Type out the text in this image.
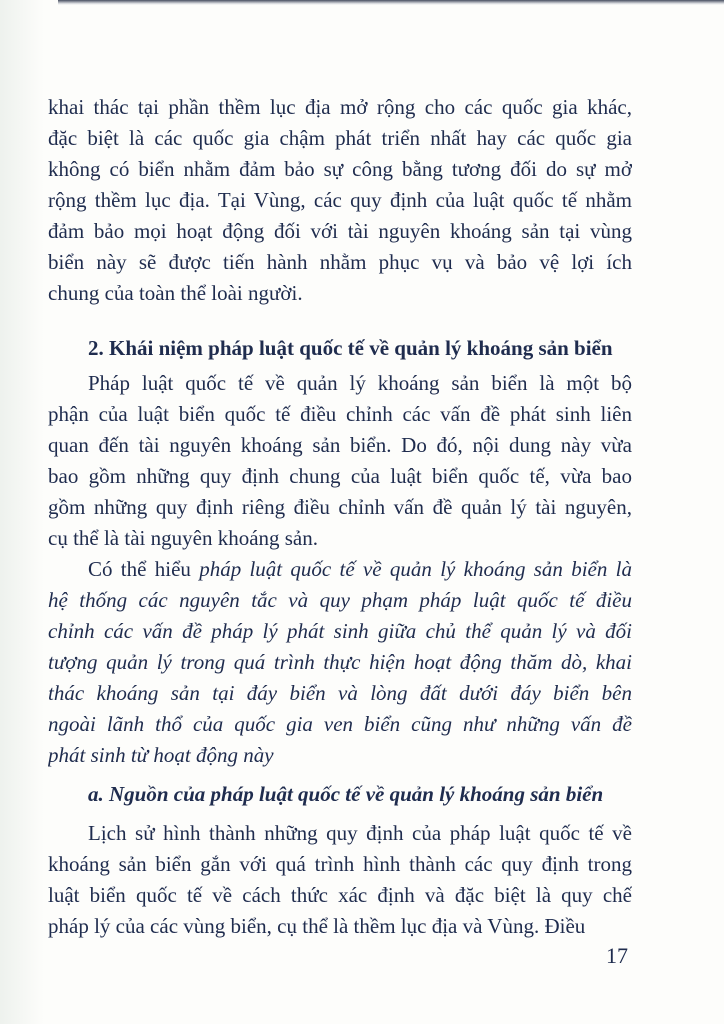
khai thác tại phần thềm lục địa mở rộng cho các quốc gia khác,
đặc biệt là các quốc gia chậm phát triển nhất hay các quốc gia
không có biển nhằm đảm bảo sự công bằng tương đối do sự mở
rộng thềm lục địa. Tại Vùng, các quy định của luật quốc tế nhằm
đảm bảo mọi hoạt động đối với tài nguyên khoáng sản tại vùng
biển này sẽ được tiến hành nhằm phục vụ và bảo vệ lợi ích
chung của toàn thể loài người.
2. Khái niệm pháp luật quốc tế về quản lý khoáng sản biển
Pháp luật quốc tế về quản lý khoáng sản biển là một bộ
phận của luật biển quốc tế điều chỉnh các vấn đề phát sinh liên
quan đến tài nguyên khoáng sản biển. Do đó, nội dung này vừa
bao gồm những quy định chung của luật biển quốc tế, vừa bao
gồm những quy định riêng điều chỉnh vấn đề quản lý tài nguyên,
cụ thể là tài nguyên khoáng sản.
Có thể hiểu pháp luật quốc tế về quản lý khoáng sản biển là
hệ thống các nguyên tắc và quy phạm pháp luật quốc tế điều
chỉnh các vấn đề pháp lý phát sinh giữa chủ thể quản lý và đối
tượng quản lý trong quá trình thực hiện hoạt động thăm dò, khai
thác khoáng sản tại đáy biển và lòng đất dưới đáy biển bên
ngoài lãnh thổ của quốc gia ven biển cũng như những vấn đề
phát sinh từ hoạt động này
a. Nguồn của pháp luật quốc tế về quản lý khoáng sản biển
Lịch sử hình thành những quy định của pháp luật quốc tế về
khoáng sản biển gắn với quá trình hình thành các quy định trong
luật biển quốc tế về cách thức xác định và đặc biệt là quy chế
pháp lý của các vùng biển, cụ thể là thềm lục địa và Vùng. Điều
17
